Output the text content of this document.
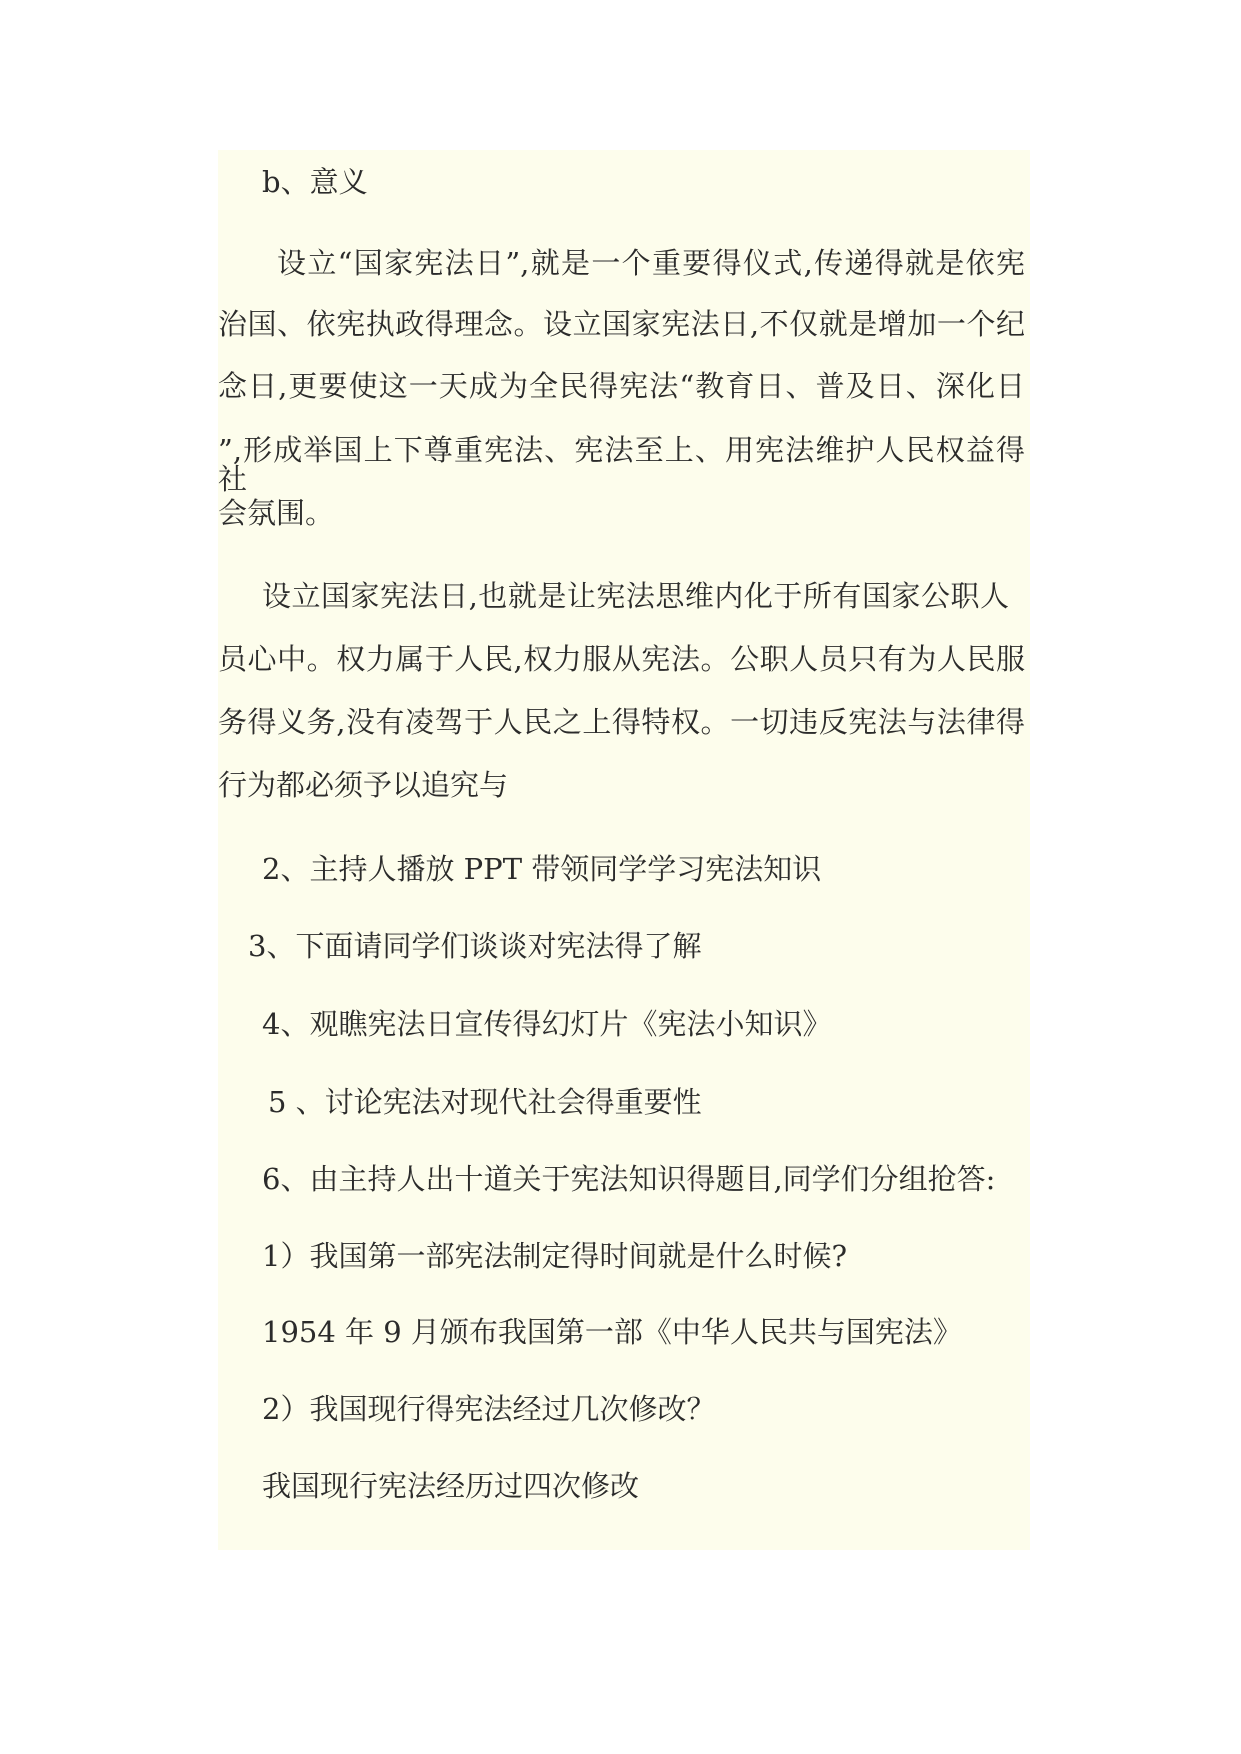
b、意义
设立“国家宪法日”,就是一个重要得仪式,传递得就是依宪
治国、依宪执政得理念。设立国家宪法日,不仅就是增加一个纪
念日,更要使这一天成为全民得宪法“教育日、普及日、深化日
”,形成举国上下尊重宪法、宪法至上、用宪法维护人民权益得社
会氛围。
设立国家宪法日,也就是让宪法思维内化于所有国家公职人
员心中。权力属于人民,权力服从宪法。公职人员只有为人民服
务得义务,没有凌驾于人民之上得特权。一切违反宪法与法律得
行为都必须予以追究与
2、主持人播放 PPT 带领同学学习宪法知识
3、下面请同学们谈谈对宪法得了解
4、观瞧宪法日宣传得幻灯片《宪法小知识》
5 、讨论宪法对现代社会得重要性
6、由主持人出十道关于宪法知识得题目,同学们分组抢答:
1）我国第一部宪法制定得时间就是什么时候?
1954 年 9 月颁布我国第一部《中华人民共与国宪法》
2）我国现行得宪法经过几次修改？
我国现行宪法经历过四次修改
